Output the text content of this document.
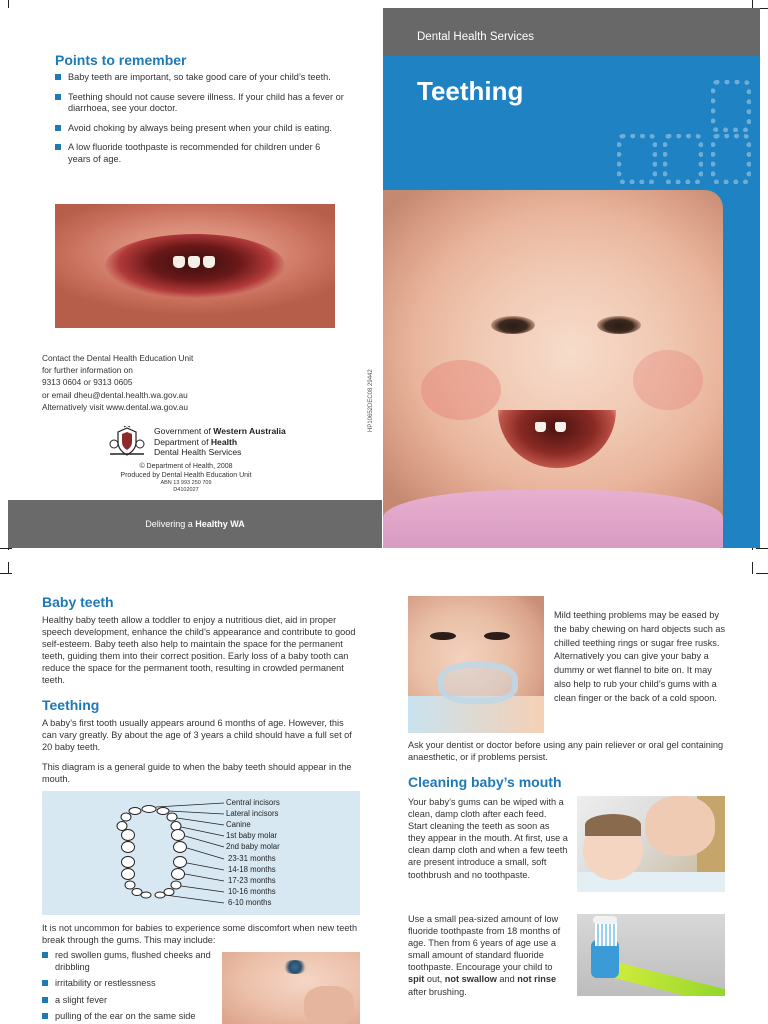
Points to remember
Baby teeth are important, so take good care of your child’s teeth.
Teething should not cause severe illness. If your child has a fever or diarrhoea, see your doctor.
Avoid choking by always being present when your child is eating.
A low fluoride toothpaste is recommended for children under 6 years of age.
Contact the Dental Health Education Unit
for further information on
9313 0604 or 9313 0605
or email dheu@dental.health.wa.gov.au
Alternatively visit www.dental.wa.gov.au
Government of Western Australia
Department of Health
Dental Health Services
© Department of Health, 2008
Produced by Dental Health Education Unit
ABN 13 993 250 709
D4102027
HP10652DEC08 29442
Delivering a Healthy WA
Dental Health Services
Teething
Baby teeth

Healthy baby teeth allow a toddler to enjoy a nutritious diet, aid in proper speech development, enhance the child’s appearance and contribute to good self-esteem. Baby teeth also help to maintain the space for the permanent teeth, guiding them into their correct position. Early loss of a baby tooth can reduce the space for the permanent tooth, resulting in crowded permanent teeth.

Teething

A baby’s first tooth usually appears around 6 months of age. However, this can vary greatly. By about the age of 3 years a child should have a full set of 20 baby teeth.

This diagram is a general guide to when the baby teeth should appear in the mouth.

Central incisors
Lateral incisors
Canine
1st baby molar
2nd baby molar
23-31 months
14-18 months
17-23 months
10-16 months
6-10 months

It is not uncommon for babies to experience some discomfort when new teeth break through the gums. This may include:

red swollen gums, flushed cheeks and dribbling
irritability or restlessness
a slight fever
pulling of the ear on the same side

Mild teething problems may be eased by the baby chewing on hard objects such as chilled teething rings or sugar free rusks. Alternatively you can give your baby a dummy or wet flannel to bite on. It may also help to rub your child’s gums with a clean finger or the back of a cold spoon.

Ask your dentist or doctor before using any pain reliever or oral gel containing anaesthetic, or if problems persist.

Cleaning baby’s mouth

Your baby’s gums can be wiped with a clean, damp cloth after each feed. Start cleaning the teeth as soon as they appear in the mouth. At first, use a clean damp cloth and when a few teeth are present introduce a small, soft toothbrush and no toothpaste.

Use a small pea-sized amount of low fluoride toothpaste from 18 months of age. Then from 6 years of age use a small amount of standard fluoride toothpaste. Encourage your child to spit out, not swallow and not rinse after brushing.
